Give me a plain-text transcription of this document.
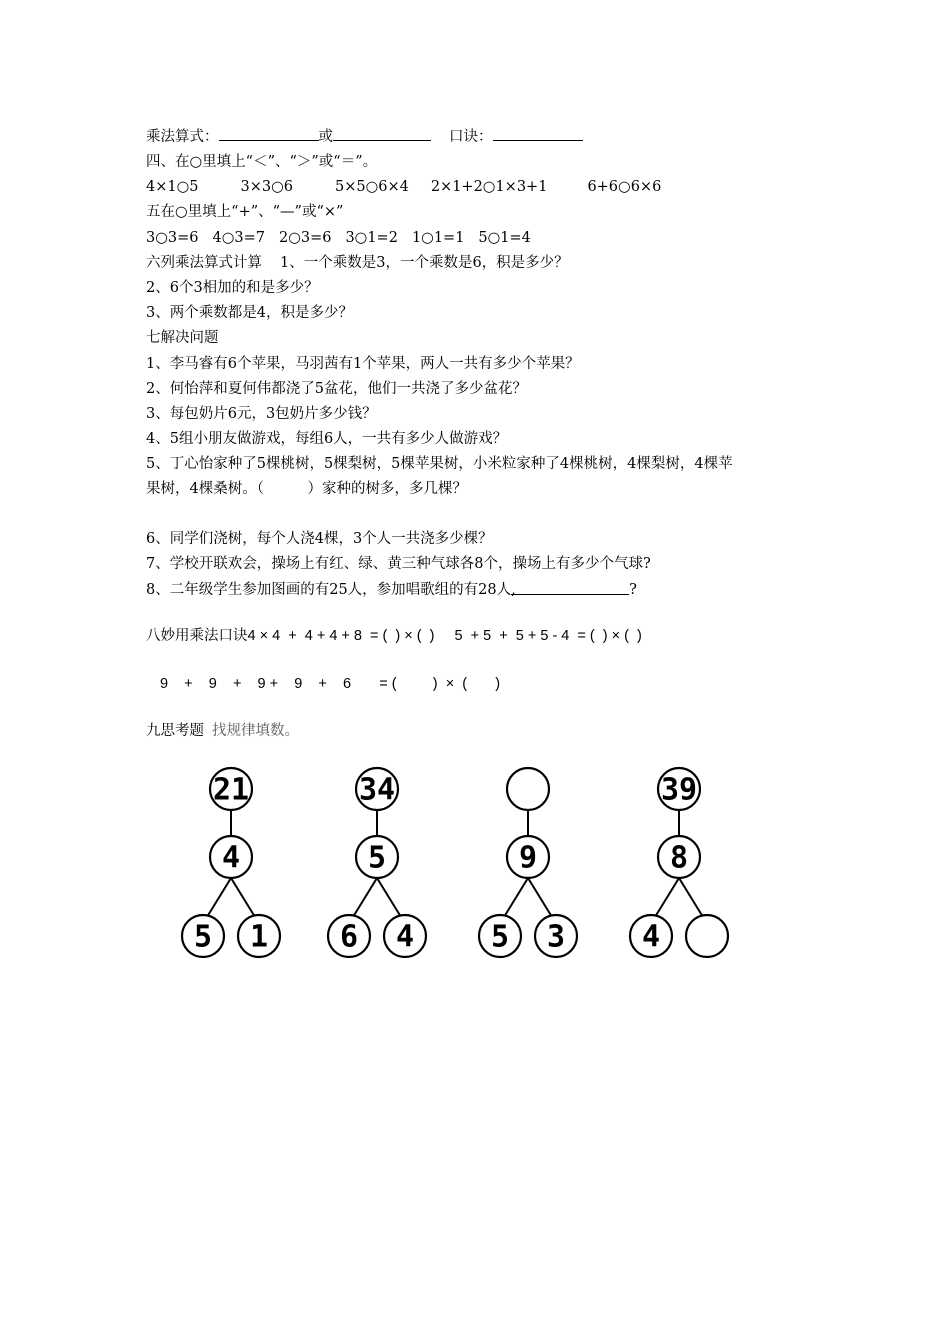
乘法算式：	或	口诀：
四、在○里填上“＜”、“＞”或“＝”。
4×1○5	3×3○6	5×5○6×4 2×1+2○1×3+1	6+6○6×6
五在○里填上“+”、“—”或“×”
3○3=6 4○3=7 2○3=6 3○1=2 1○1=1 5○1=4
六列乘法算式计算 1、一个乘数是3，一个乘数是6，积是多少？
2、6个3相加的和是多少？
3、两个乘数都是4，积是多少？
七解决问题
1、李马睿有6个苹果，马羽茜有1个苹果，两人一共有多少个苹果？
2、何怡萍和夏何伟都浇了5盆花，他们一共浇了多少盆花？
3、每包奶片6元，3包奶片多少钱？
4、5组小朋友做游戏，每组6人，一共有多少人做游戏？
5、丁心怡家种了5棵桃树，5棵梨树，5棵苹果树，小米粒家种了4棵桃树，4棵梨树，4棵苹
果树，4棵桑树。（　　　）家种的树多，多几棵？
6、同学们浇树，每个人浇4棵，3个人一共浇多少棵？
7、学校开联欢会，操场上有红、绿、黄三种气球各8个，操场上有多少个气球?
8、二年级学生参加图画的有25人，参加唱歌组的有28人,	?
八妙用乘法口诀4 × 4  +  4 + 4 + 8  = (  ) × (  ) 5  + 5  +  5 + 5 - 4  = (  ) × (  )
9    +    9    +    9 +    9    +    6       = (         )  ×  (       )
九思考题 找规律填数。
21
4
5 1
34
5
6 4
9
5 3
39
8
4
